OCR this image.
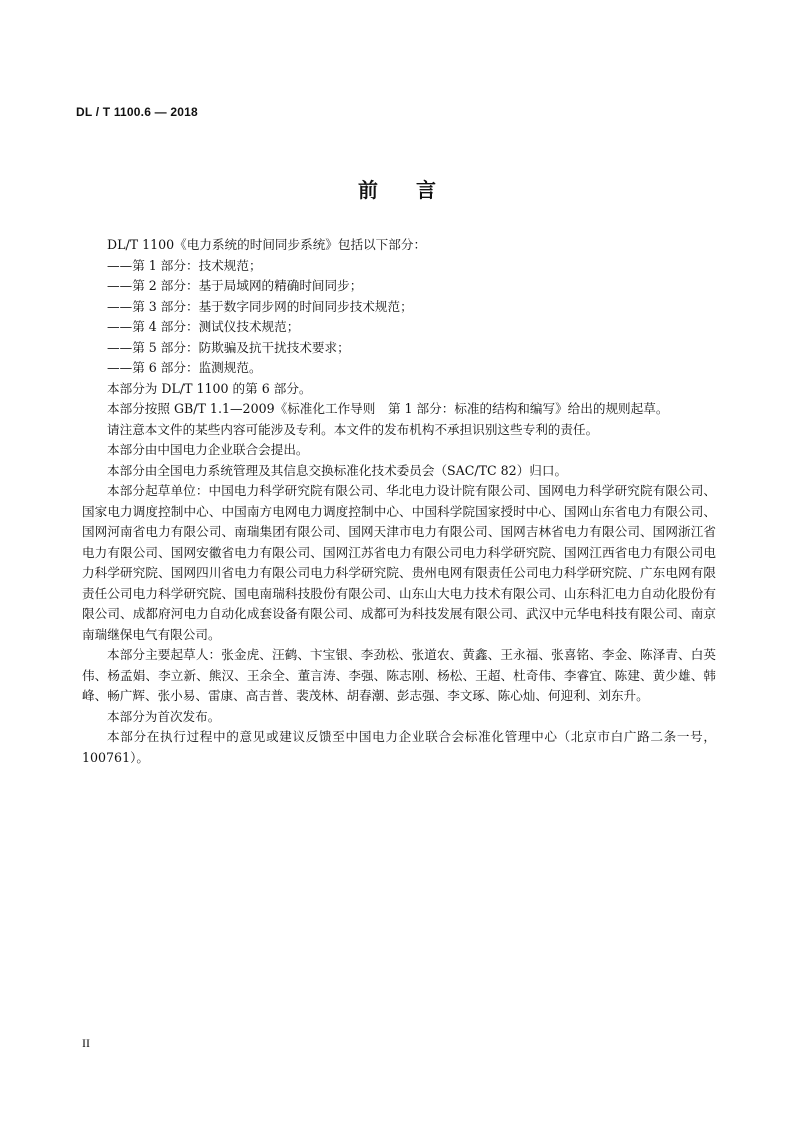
DL / T 1100.6 — 2018
前言

DL/T 1100《电力系统的时间同步系统》包括以下部分：

——第 1 部分：技术规范；

——第 2 部分：基于局域网的精确时间同步；

——第 3 部分：基于数字同步网的时间同步技术规范；

——第 4 部分：测试仪技术规范；

——第 5 部分：防欺骗及抗干扰技术要求；

——第 6 部分：监测规范。

本部分为 DL/T 1100 的第 6 部分。

本部分按照 GB/T 1.1—2009《标准化工作导则　第 1 部分：标准的结构和编写》给出的规则起草。

请注意本文件的某些内容可能涉及专利。本文件的发布机构不承担识别这些专利的责任。

本部分由中国电力企业联合会提出。

本部分由全国电力系统管理及其信息交换标准化技术委员会（SAC/TC 82）归口。

本部分起草单位：中国电力科学研究院有限公司、华北电力设计院有限公司、国网电力科学研究院有限公司、国家电力调度控制中心、中国南方电网电力调度控制中心、中国科学院国家授时中心、国网山东省电力有限公司、国网河南省电力有限公司、南瑞集团有限公司、国网天津市电力有限公司、国网吉林省电力有限公司、国网浙江省电力有限公司、国网安徽省电力有限公司、国网江苏省电力有限公司电力科学研究院、国网江西省电力有限公司电力科学研究院、国网四川省电力有限公司电力科学研究院、贵州电网有限责任公司电力科学研究院、广东电网有限责任公司电力科学研究院、国电南瑞科技股份有限公司、山东山大电力技术有限公司、山东科汇电力自动化股份有限公司、成都府河电力自动化成套设备有限公司、成都可为科技发展有限公司、武汉中元华电科技有限公司、南京南瑞继保电气有限公司。

本部分主要起草人：张金虎、汪鹤、卞宝银、李劲松、张道农、黄鑫、王永福、张喜铭、李金、陈泽青、白英伟、杨孟娟、李立新、熊汉、王余全、董言涛、李强、陈志刚、杨松、王超、杜奇伟、李睿宜、陈建、黄少雄、韩峰、畅广辉、张小易、雷康、高吉普、裴茂林、胡春潮、彭志强、李文琢、陈心灿、何迎利、刘东升。

本部分为首次发布。

本部分在执行过程中的意见或建议反馈至中国电力企业联合会标准化管理中心（北京市白广路二条一号，100761）。

II
